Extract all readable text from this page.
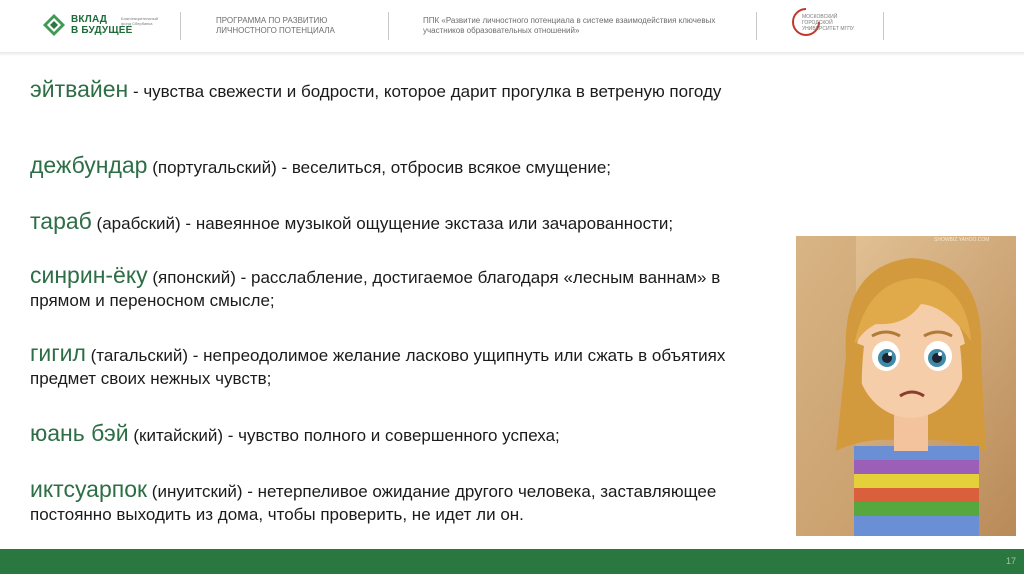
ВКЛАД
В БУДУЩЕЕ
Благотворительный фонд Сбербанка	ПРОГРАММА ПО РАЗВИТИЮ ЛИЧНОСТНОГО ПОТЕНЦИАЛА
ППК «Развитие личностного потенциала в системе взаимодействия ключевых участников образовательных отношений»
МОСКОВСКИЙ ГОРОДСКОЙ УНИВЕРСИТЕТ МГПУ
эйтвайен - чувства свежести и бодрости, которое дарит прогулка в ветреную погоду
дежбундар (португальский) - веселиться, отбросив всякое смущение;
тараб (арабский) - навеянное музыкой ощущение экстаза или зачарованности;
синрин-ёку (японский) - расслабление, достигаемое благодаря «лесным ваннам» в прямом и переносном смысле;
гигил (тагальский) - непреодолимое желание ласково ущипнуть или сжать в объятиях предмет своих нежных чувств;
юань бэй (китайский) - чувство полного и совершенного успеха;
иктсуарпок (инуитский) - нетерпеливое ожидание другого человека, заставляющее постоянно выходить из дома, чтобы проверить, не идет ли он.
SHOWBIZ.YAHOO.COM
17
